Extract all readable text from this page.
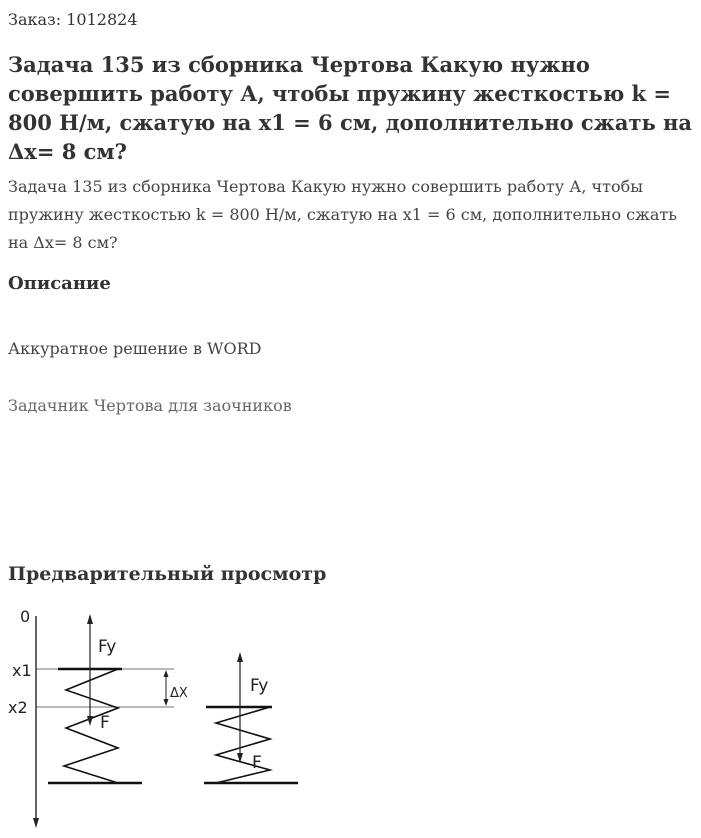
Заказ: 1012824
Задача 135 из сборника Чертова Какую нужно совершить работу А, чтобы пружину жесткостью k = 800 Н/м, сжатую на x1 = 6 см, дополнительно сжать на Δx= 8 см?

Задача 135 из сборника Чертова Какую нужно совершить работу А, чтобы пружину жесткостью k = 800 Н/м, сжатую на x1 = 6 см, дополнительно сжать на Δx= 8 см?

Описание
Аккуратное решение в WORD
Задачник Чертова для заочников
Предварительный просмотр
0
x1
x2
ΔX
Fy
F
Fy
F
